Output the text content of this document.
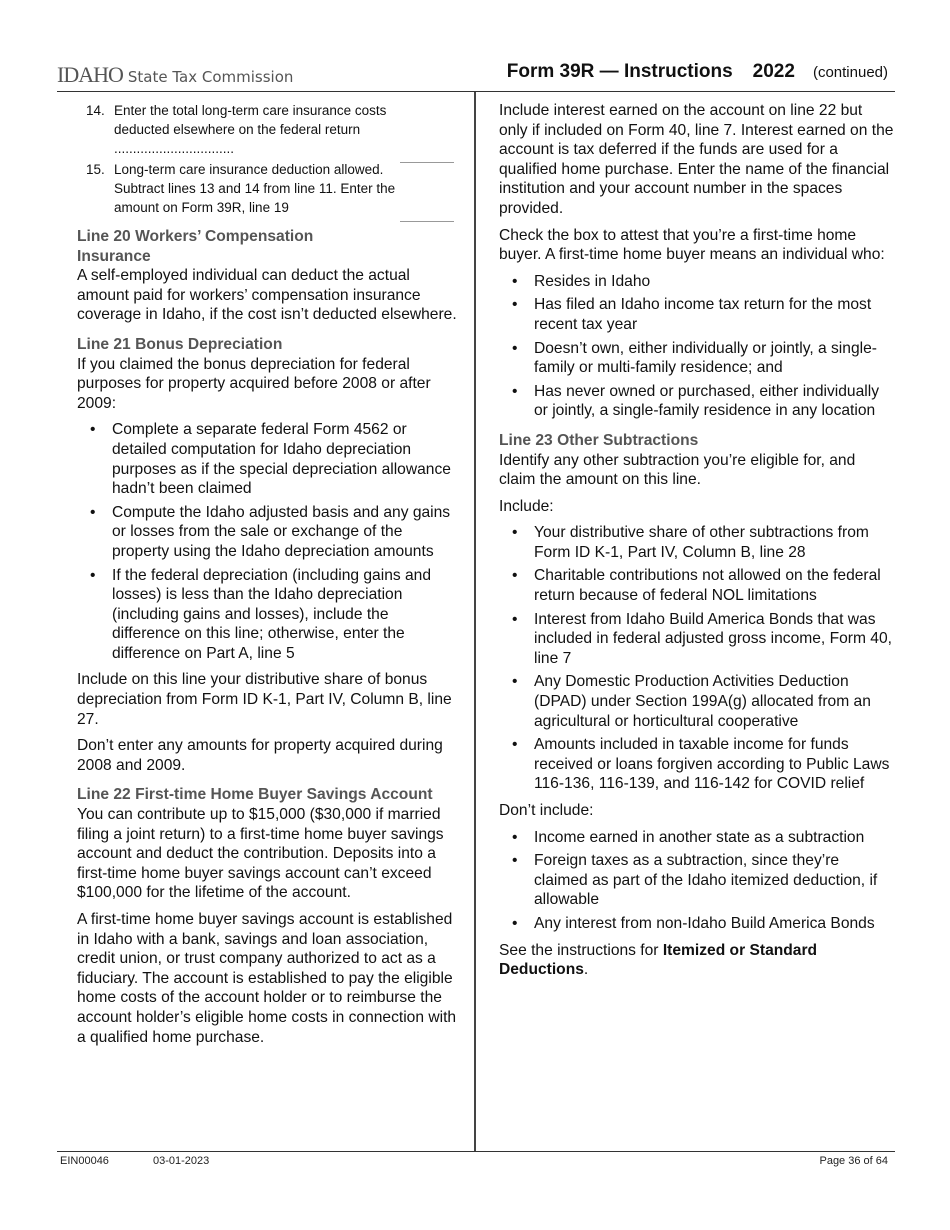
IDAHO State Tax Commission	Form 39R — Instructions 2022 (continued)
14. Enter the total long-term care insurance costs deducted elsewhere on the federal return ................................
15. Long-term care insurance deduction allowed. Subtract lines 13 and 14 from line 11. Enter the amount on Form 39R, line 19
Line 20 Workers’ Compensation Insurance

A self-employed individual can deduct the actual amount paid for workers’ compensation insurance coverage in Idaho, if the cost isn’t deducted elsewhere.

Line 21 Bonus Depreciation

If you claimed the bonus depreciation for federal purposes for property acquired before 2008 or after 2009:

• Complete a separate federal Form 4562 or detailed computation for Idaho depreciation purposes as if the special depreciation allowance hadn’t been claimed
• Compute the Idaho adjusted basis and any gains or losses from the sale or exchange of the property using the Idaho depreciation amounts
• If the federal depreciation (including gains and losses) is less than the Idaho depreciation (including gains and losses), include the difference on this line; otherwise, enter the difference on Part A, line 5

Include on this line your distributive share of bonus depreciation from Form ID K-1, Part IV, Column B, line 27.

Don’t enter any amounts for property acquired during 2008 and 2009.

Line 22 First-time Home Buyer Savings Account

You can contribute up to $15,000 ($30,000 if married filing a joint return) to a first-time home buyer savings account and deduct the contribution. Deposits into a first-time home buyer savings account can’t exceed $100,000 for the lifetime of the account.

A first-time home buyer savings account is established in Idaho with a bank, savings and loan association, credit union, or trust company authorized to act as a fiduciary. The account is established to pay the eligible home costs of the account holder or to reimburse the account holder’s eligible home costs in connection with a qualified home purchase.

Include interest earned on the account on line 22 but only if included on Form 40, line 7. Interest earned on the account is tax deferred if the funds are used for a qualified home purchase. Enter the name of the financial institution and your account number in the spaces provided.

Check the box to attest that you’re a first-time home buyer. A first-time home buyer means an individual who:

• Resides in Idaho
• Has filed an Idaho income tax return for the most recent tax year
• Doesn’t own, either individually or jointly, a single-family or multi-family residence; and
• Has never owned or purchased, either individually or jointly, a single-family residence in any location
Line 23 Other Subtractions

Identify any other subtraction you’re eligible for, and claim the amount on this line.

Include:

• Your distributive share of other subtractions from Form ID K-1, Part IV, Column B, line 28
• Charitable contributions not allowed on the federal return because of federal NOL limitations
• Interest from Idaho Build America Bonds that was included in federal adjusted gross income, Form 40, line 7
• Any Domestic Production Activities Deduction (DPAD) under Section 199A(g) allocated from an agricultural or horticultural cooperative
• Amounts included in taxable income for funds received or loans forgiven according to Public Laws 116-136, 116-139, and 116-142 for COVID relief

Don’t include:

• Income earned in another state as a subtraction
• Foreign taxes as a subtraction, since they’re claimed as part of the Idaho itemized deduction, if allowable
• Any interest from non-Idaho Build America Bonds

See the instructions for Itemized or Standard Deductions.

EIN00046	03-01-2023	Page 36 of 64
